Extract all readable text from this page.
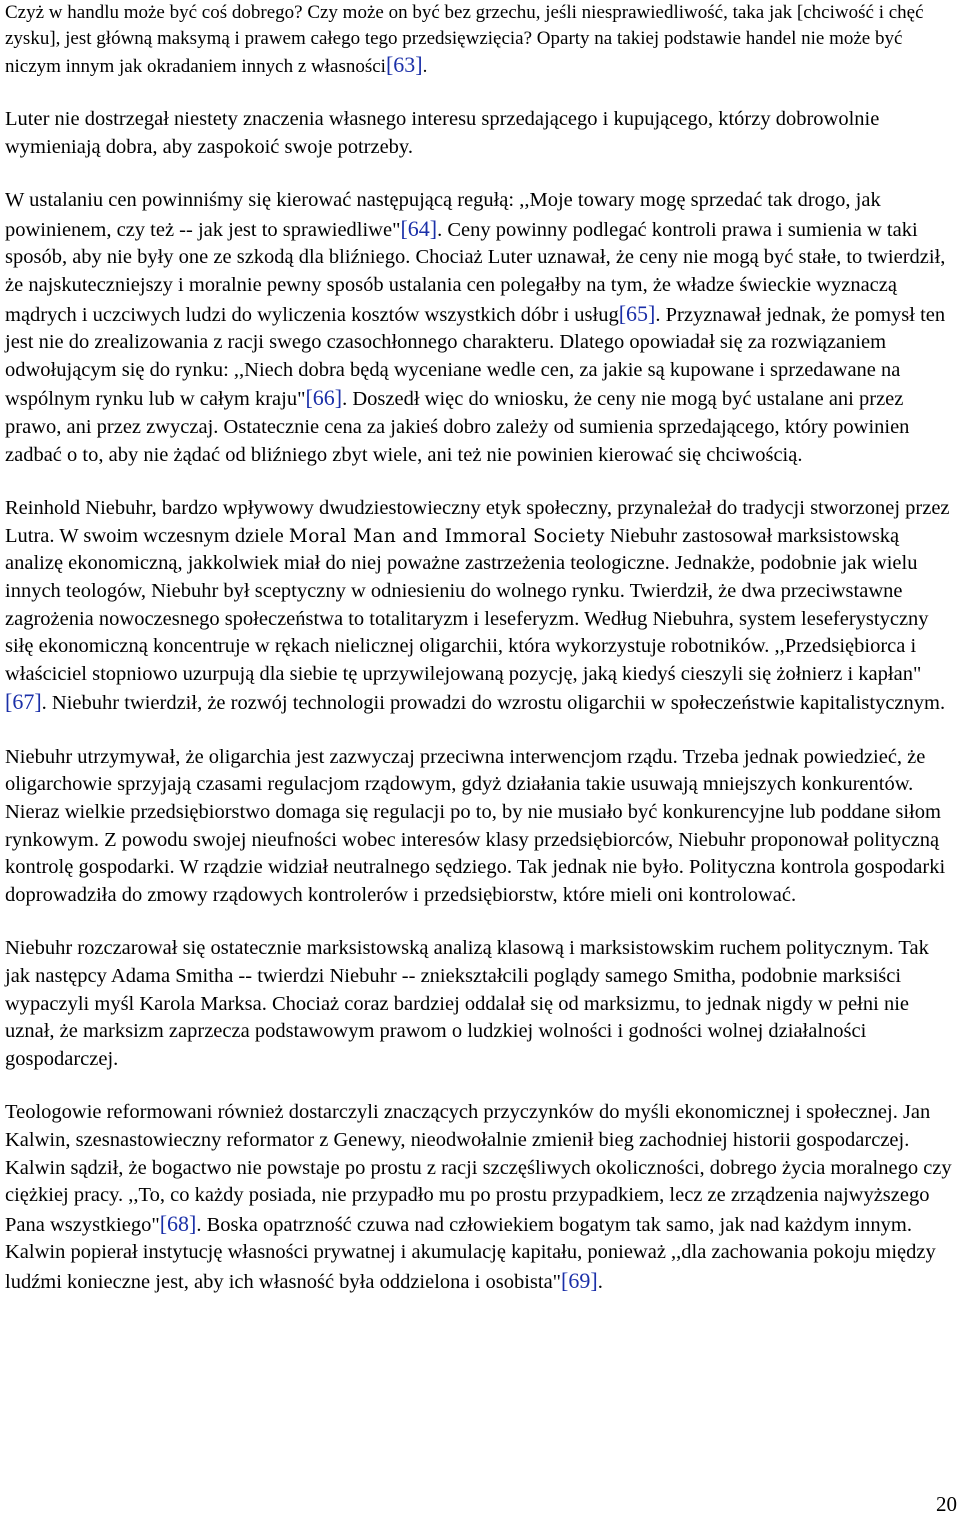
Czyż w handlu może być coś dobrego? Czy może on być bez grzechu, jeśli niesprawiedliwość, taka jak [chciwość i chęć zysku], jest główną maksymą i prawem całego tego przedsięwzięcia? Oparty na takiej podstawie handel nie może być niczym innym jak okradaniem innych z własności[63].

Luter nie dostrzegał niestety znaczenia własnego interesu sprzedającego i kupującego, którzy dobrowolnie wymieniają dobra, aby zaspokoić swoje potrzeby.

W ustalaniu cen powinniśmy się kierować następującą regułą: ,,Moje towary mogę sprzedać tak drogo, jak powinienem, czy też -- jak jest to sprawiedliwe"[64]. Ceny powinny podlegać kontroli prawa i sumienia w taki sposób, aby nie były one ze szkodą dla bliźniego. Chociaż Luter uznawał, że ceny nie mogą być stałe, to twierdził, że najskuteczniejszy i moralnie pewny sposób ustalania cen polegałby na tym, że władze świeckie wyznaczą mądrych i uczciwych ludzi do wyliczenia kosztów wszystkich dóbr i usług[65]. Przyznawał jednak, że pomysł ten jest nie do zrealizowania z racji swego czasochłonnego charakteru. Dlatego opowiadał się za rozwiązaniem odwołującym się do rynku: ,,Niech dobra będą wyceniane wedle cen, za jakie są kupowane i sprzedawane na wspólnym rynku lub w całym kraju"[66]. Doszedł więc do wniosku, że ceny nie mogą być ustalane ani przez prawo, ani przez zwyczaj. Ostatecznie cena za jakieś dobro zależy od sumienia sprzedającego, który powinien zadbać o to, aby nie żądać od bliźniego zbyt wiele, ani też nie powinien kierować się chciwością.

Reinhold Niebuhr, bardzo wpływowy dwudziestowieczny etyk społeczny, przynależał do tradycji stworzonej przez Lutra. W swoim wczesnym dziele Moral Man and Immoral Society Niebuhr zastosował marksistowską analizę ekonomiczną, jakkolwiek miał do niej poważne zastrzeżenia teologiczne. Jednakże, podobnie jak wielu innych teologów, Niebuhr był sceptyczny w odniesieniu do wolnego rynku. Twierdził, że dwa przeciwstawne zagrożenia nowoczesnego społeczeństwa to totalitaryzm i leseferyzm. Według Niebuhra, system leseferystyczny siłę ekonomiczną koncentruje w rękach nielicznej oligarchii, która wykorzystuje robotników. ,,Przedsiębiorca i właściciel stopniowo uzurpują dla siebie tę uprzywilejowaną pozycję, jaką kiedyś cieszyli się żołnierz i kapłan"[67]. Niebuhr twierdził, że rozwój technologii prowadzi do wzrostu oligarchii w społeczeństwie kapitalistycznym.

Niebuhr utrzymywał, że oligarchia jest zazwyczaj przeciwna interwencjom rządu. Trzeba jednak powiedzieć, że oligarchowie sprzyjają czasami regulacjom rządowym, gdyż działania takie usuwają mniejszych konkurentów. Nieraz wielkie przedsiębiorstwo domaga się regulacji po to, by nie musiało być konkurencyjne lub poddane siłom rynkowym. Z powodu swojej nieufności wobec interesów klasy przedsiębiorców, Niebuhr proponował polityczną kontrolę gospodarki. W rządzie widział neutralnego sędziego. Tak jednak nie było. Polityczna kontrola gospodarki doprowadziła do zmowy rządowych kontrolerów i przedsiębiorstw, które mieli oni kontrolować.

Niebuhr rozczarował się ostatecznie marksistowską analizą klasową i marksistowskim ruchem politycznym. Tak jak następcy Adama Smitha -- twierdzi Niebuhr -- zniekształcili poglądy samego Smitha, podobnie marksiści wypaczyli myśl Karola Marksa. Chociaż coraz bardziej oddalał się od marksizmu, to jednak nigdy w pełni nie uznał, że marksizm zaprzecza podstawowym prawom o ludzkiej wolności i godności wolnej działalności gospodarczej.

Teologowie reformowani również dostarczyli znaczących przyczynków do myśli ekonomicznej i społecznej. Jan Kalwin, szesnastowieczny reformator z Genewy, nieodwołalnie zmienił bieg zachodniej historii gospodarczej. Kalwin sądził, że bogactwo nie powstaje po prostu z racji szczęśliwych okoliczności, dobrego życia moralnego czy ciężkiej pracy. ,,To, co każdy posiada, nie przypadło mu po prostu przypadkiem, lecz ze zrządzenia najwyższego Pana wszystkiego"[68]. Boska opatrzność czuwa nad człowiekiem bogatym tak samo, jak nad każdym innym. Kalwin popierał instytucję własności prywatnej i akumulację kapitału, ponieważ ,,dla zachowania pokoju między ludźmi konieczne jest, aby ich własność była oddzielona i osobista"[69].

20
